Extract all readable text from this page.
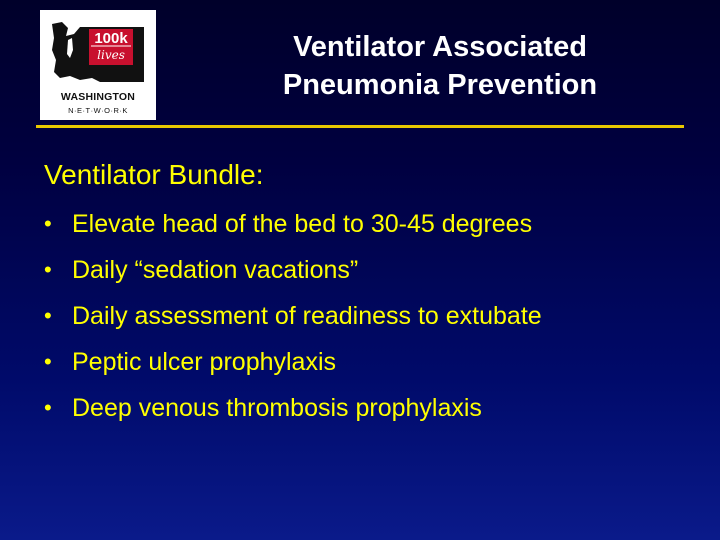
100k
lives
WASHINGTON
N·E·T·W·O·R·K
Ventilator Associated
Pneumonia Prevention
Ventilator Bundle:
• Elevate head of the bed to 30-45 degrees
• Daily “sedation vacations”
• Daily assessment of readiness to extubate
• Peptic ulcer prophylaxis
• Deep venous thrombosis prophylaxis
